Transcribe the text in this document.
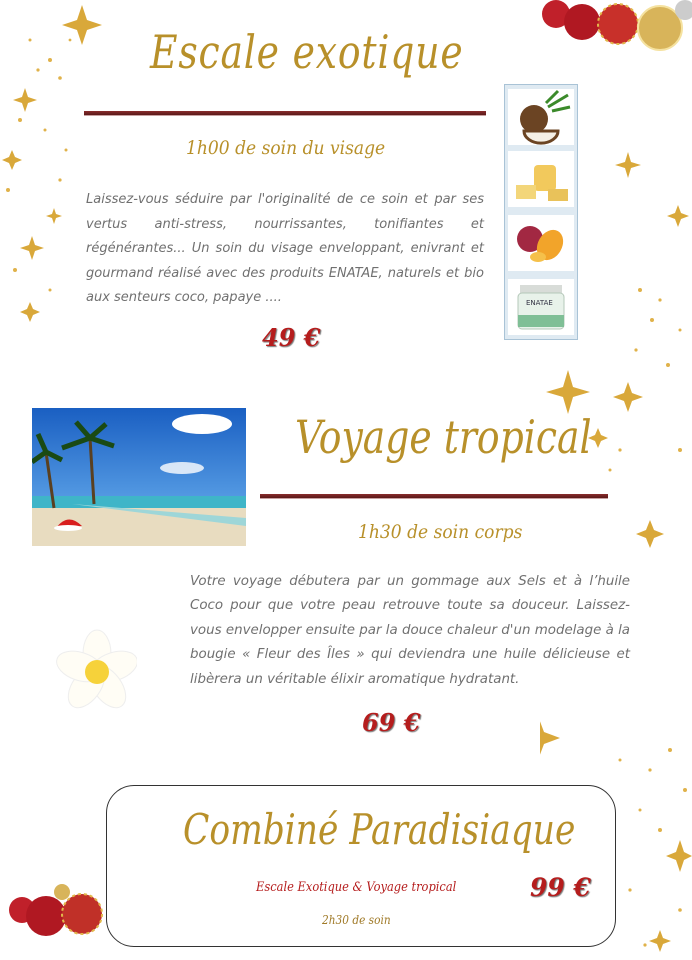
Escale exotique
1h00 de soin du visage
Laissez-vous séduire par l'originalité de ce soin et par ses vertus anti-stress, nourrissantes, tonifiantes et régénérantes... Un soin du visage enveloppant, enivrant et gourmand réalisé avec des produits ENATAE, naturels et bio aux senteurs coco, papaye ....
49 €
ENATAE
Voyage tropical
1h30 de soin corps
Votre voyage débutera par un gommage aux Sels et à l’huile Coco pour que votre peau retrouve toute sa douceur. Laissez-vous envelopper ensuite par la douce chaleur d'un modelage à la bougie « Fleur des Îles » qui deviendra une huile délicieuse et libèrera un véritable élixir aromatique hydratant.
69 €
Combiné Paradisiaque
Escale Exotique & Voyage tropical
2h30 de soin
99 €
